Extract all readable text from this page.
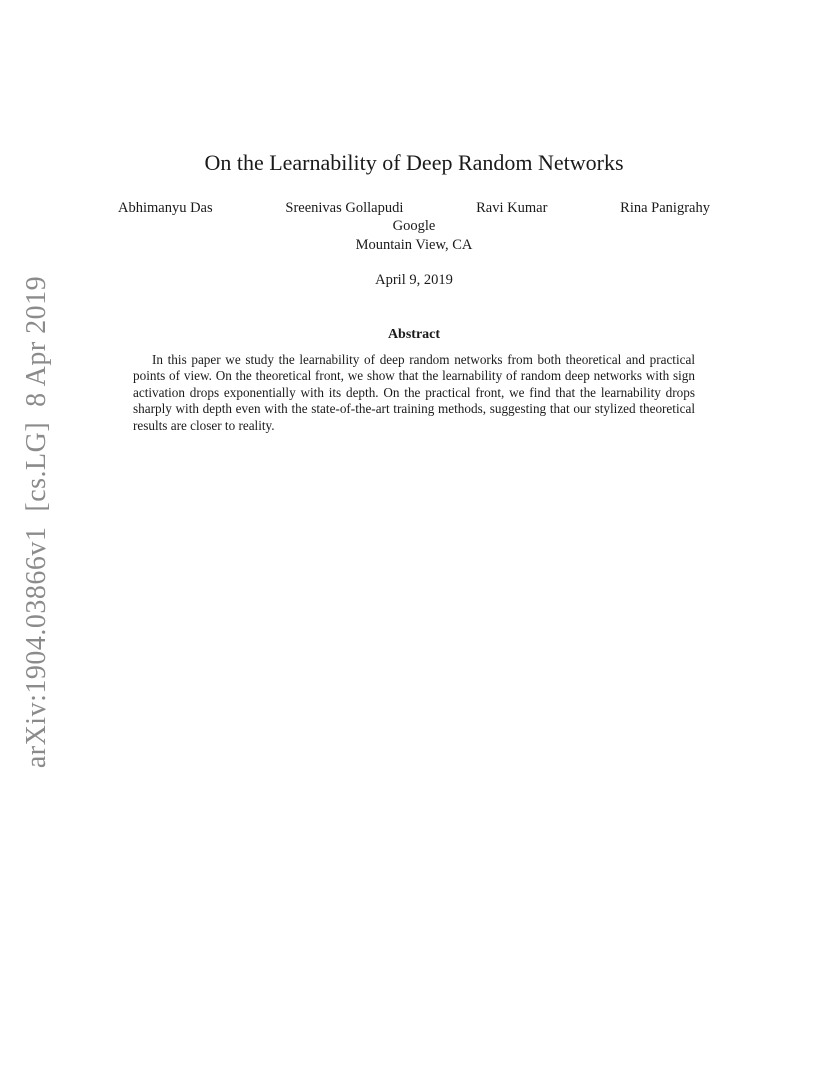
arXiv:1904.03866v1  [cs.LG]  8 Apr 2019
On the Learnability of Deep Random Networks
Abhimanyu Das	Sreenivas Gollapudi	Ravi Kumar	Rina Panigrahy
Google
Mountain View, CA
April 9, 2019
Abstract

In this paper we study the learnability of deep random networks from both theoretical and practical points of view. On the theoretical front, we show that the learnability of random deep networks with sign activation drops exponentially with its depth. On the practical front, we find that the learnability drops sharply with depth even with the state-of-the-art training methods, suggesting that our stylized theoretical results are closer to reality.
